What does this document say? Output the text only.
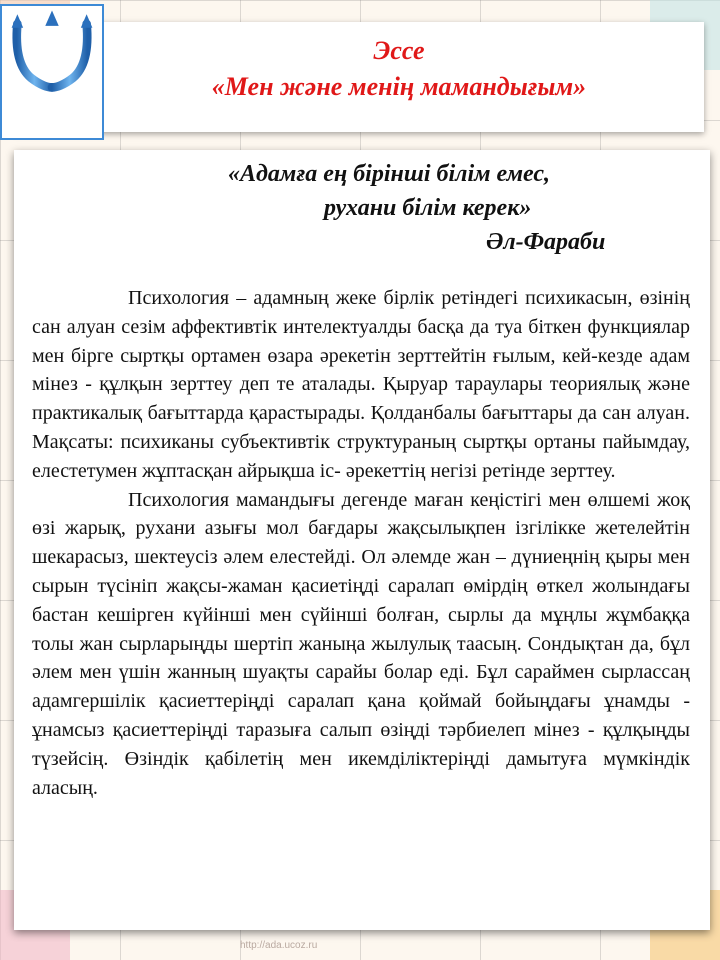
Эссе
«Мен және менің мамандығым»
«Адамға ең бірінші білім емес,
рухани білім керек»
Әл-Фараби

Психология – адамның жеке бірлік ретіндегі психикасын, өзінің сан алуан сезім аффективтік интелектуалды басқа да туа біткен функциялар мен бірге сыртқы ортамен өзара әрекетін зерттейтін ғылым, кей-кезде адам мінез - құлқын зерттеу деп те аталады. Қыруар тараулары теориялық және практикалық бағыттарда қарастырады. Қолданбалы бағыттары да сан алуан. Мақсаты: психиканы субъективтік структураның сыртқы ортаны пайымдау, елестетумен жұптасқан айрықша іс- әрекеттің негізі ретінде зерттеу.

Психология мамандығы дегенде маған кеңістігі мен өлшемі жоқ өзі жарық, рухани азығы мол бағдары жақсылықпен ізгілікке жетелейтін шекарасыз, шектеусіз әлем елестейді. Ол әлемде жан – дүниеңнің қыры мен сырын түсініп жақсы-жаман қасиетіңді саралап өмірдің өткел жолындағы бастан кешірген күйінші мен сүйінші болған, сырлы да мұңлы жұмбаққа толы жан сырларыңды шертіп жаныңа жылулық таасың. Сондықтан да, бұл әлем мен үшін жанның шуақты сарайы болар еді. Бұл сараймен сырлассаң адамгершілік қасиеттеріңді саралап қана қоймай бойыңдағы ұнамды - ұнамсыз қасиеттеріңді таразыға салып өзіңді тәрбиелеп мінез - құлқыңды түзейсің. Өзіндік қабілетің мен икемділіктеріңді дамытуға мүмкіндік аласың.

http://ada.ucoz.ru
